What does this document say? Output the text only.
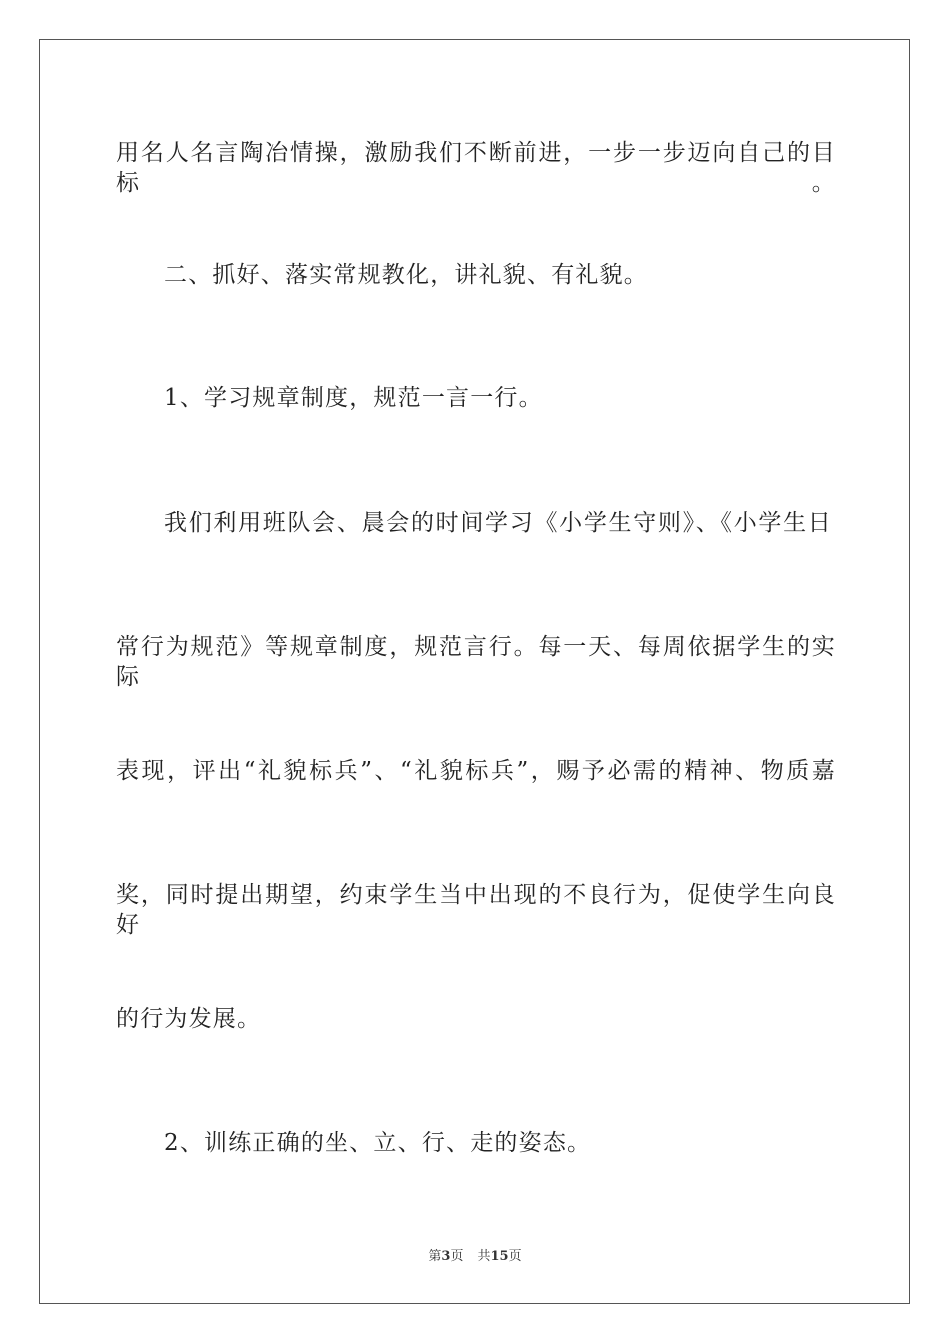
用名人名言陶冶情操，激励我们不断前进，一步一步迈向自己的目标。
二、抓好、落实常规教化，讲礼貌、有礼貌。
1、学习规章制度，规范一言一行。
我们利用班队会、晨会的时间学习《小学生守则》、《小学生日
常行为规范》等规章制度，规范言行。每一天、每周依据学生的实际
表现，评出“礼貌标兵”、“礼貌标兵”，赐予必需的精神、物质嘉
奖，同时提出期望，约束学生当中出现的不良行为，促使学生向良好
的行为发展。
2、训练正确的坐、立、行、走的姿态。
第3页 共15页
